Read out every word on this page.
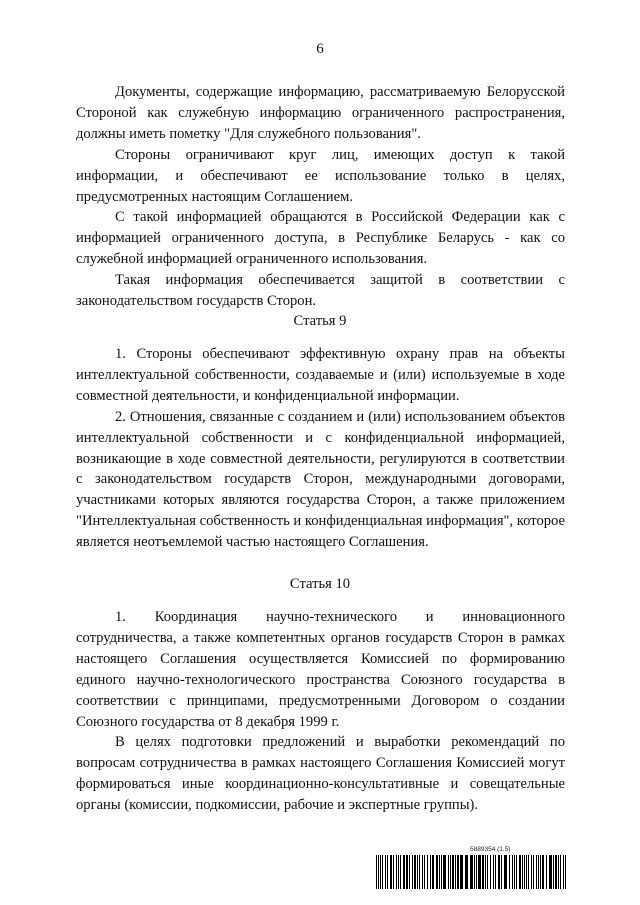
6

Документы, содержащие информацию, рассматриваемую Белорусской Стороной как служебную информацию ограниченного распространения, должны иметь пометку "Для служебного пользования".

Стороны ограничивают круг лиц, имеющих доступ к такой информации, и обеспечивают ее использование только в целях, предусмотренных настоящим Соглашением.

С такой информацией обращаются в Российской Федерации как с информацией ограниченного доступа, в Республике Беларусь - как со служебной информацией ограниченного использования.

Такая информация обеспечивается защитой в соответствии с законодательством государств Сторон.

Статья 9

1. Стороны обеспечивают эффективную охрану прав на объекты интеллектуальной собственности, создаваемые и (или) используемые в ходе совместной деятельности, и конфиденциальной информации.

2. Отношения, связанные с созданием и (или) использованием объектов интеллектуальной собственности и с конфиденциальной информацией, возникающие в ходе совместной деятельности, регулируются в соответствии с законодательством государств Сторон, международными договорами, участниками которых являются государства Сторон, а также приложением "Интеллектуальная собственность и конфиденциальная информация", которое является неотъемлемой частью настоящего Соглашения.

Статья 10

1. Координация научно-технического и инновационного сотрудничества, а также компетентных органов государств Сторон в рамках настоящего Соглашения осуществляется Комиссией по формированию единого научно-технологического пространства Союзного государства в соответствии с принципами, предусмотренными Договором о создании Союзного государства от 8 декабря 1999 г.

В целях подготовки предложений и выработки рекомендаций по вопросам сотрудничества в рамках настоящего Соглашения Комиссией могут формироваться иные координационно-консультативные и совещательные органы (комиссии, подкомиссии, рабочие и экспертные группы).

5889354 (1.5)
